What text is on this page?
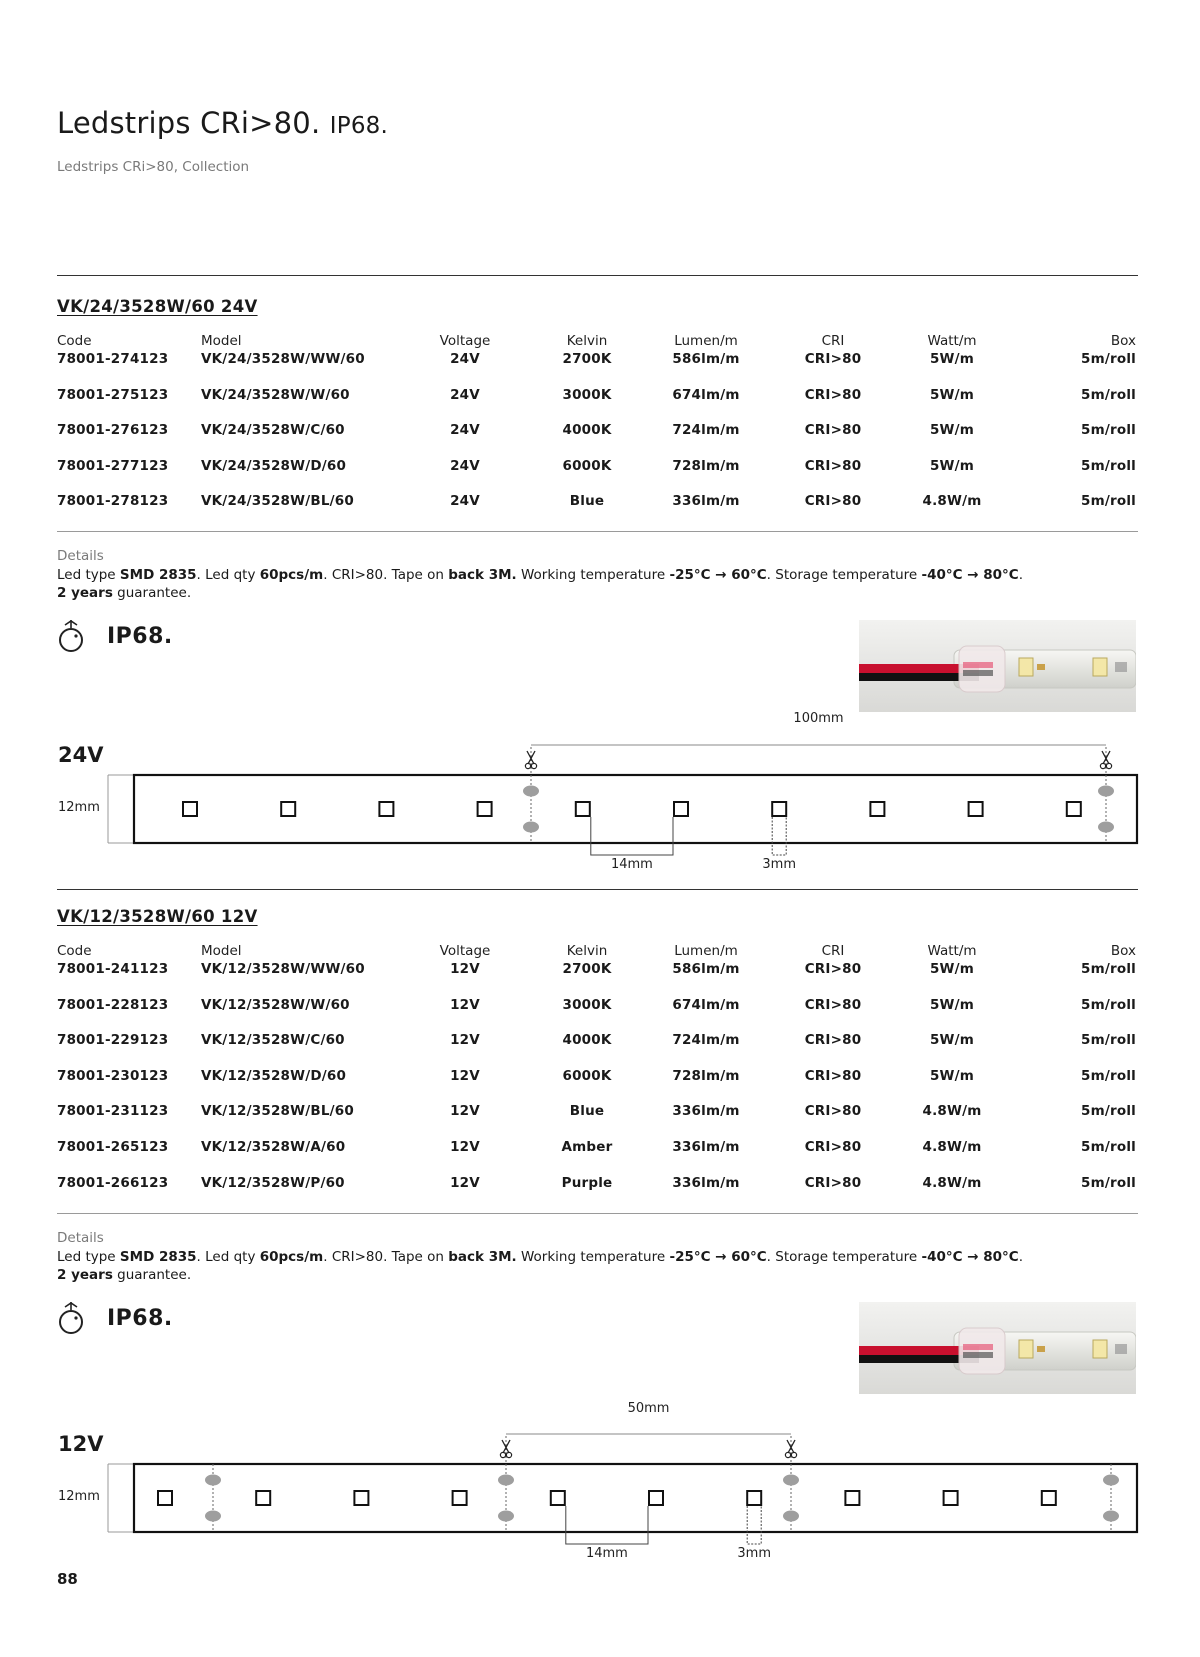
Ledstrips CRi>80. IP68.
Ledstrips CRi>80, Collection
VK/24/3528W/60 24V
Code	Model	Voltage	Kelvin	Lumen/m	CRI	Watt/m	Box
78001-274123 VK/24/3528W/WW/60	24V	2700K	586lm/m	CRI>80	5W/m	5m/roll
78001-275123 VK/24/3528W/W/60	24V	3000K	674lm/m	CRI>80	5W/m	5m/roll
78001-276123 VK/24/3528W/C/60	24V	4000K	724lm/m	CRI>80	5W/m	5m/roll
78001-277123 VK/24/3528W/D/60	24V	6000K	728lm/m	CRI>80	5W/m	5m/roll
78001-278123 VK/24/3528W/BL/60	24V	Blue	336lm/m	CRI>80	4.8W/m	5m/roll
Details
Led type SMD 2835. Led qty 60pcs/m. CRI>80. Tape on back 3M. Working temperature -25°C → 60°C. Storage temperature -40°C → 80°C.
2 years guarantee.
IP68.
24V
12mm
100mm
14mm	3mm
VK/12/3528W/60 12V
Code	Model	Voltage	Kelvin	Lumen/m	CRI	Watt/m	Box
78001-241123 VK/12/3528W/WW/60	12V	2700K	586lm/m	CRI>80	5W/m	5m/roll
78001-228123 VK/12/3528W/W/60	12V	3000K	674lm/m	CRI>80	5W/m	5m/roll
78001-229123 VK/12/3528W/C/60	12V	4000K	724lm/m	CRI>80	5W/m	5m/roll
78001-230123 VK/12/3528W/D/60	12V	6000K	728lm/m	CRI>80	5W/m	5m/roll
78001-231123 VK/12/3528W/BL/60	12V	Blue	336lm/m	CRI>80	4.8W/m	5m/roll
78001-265123 VK/12/3528W/A/60	12V	Amber	336lm/m	CRI>80	4.8W/m	5m/roll
78001-266123 VK/12/3528W/P/60	12V	Purple	336lm/m	CRI>80	4.8W/m	5m/roll
Details
Led type SMD 2835. Led qty 60pcs/m. CRI>80. Tape on back 3M. Working temperature -25°C → 60°C. Storage temperature -40°C → 80°C.
2 years guarantee.
IP68.
12V
12mm
50mm
14mm	3mm
88
